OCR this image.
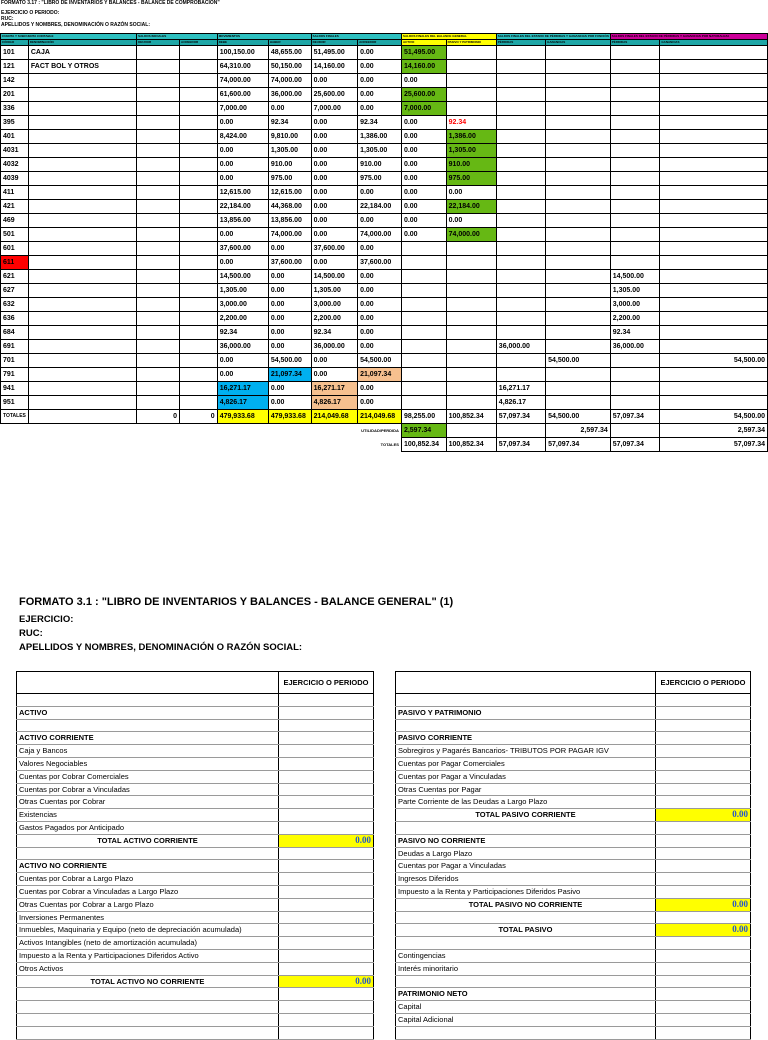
FORMATO 3.17 : "LIBRO DE INVENTARIOS Y BALANCES - BALANCE DE COMPROBACION"
EJERCICIO O PERIODO:
RUC:
APELLIDOS Y NOMBRES, DENOMINACIÓN O RAZÓN SOCIAL:
CUENTA Y SUBCUENTA CONTABLE		SALDOS INICIALES		MOVIMIENTOS		SALDOS FINALES		SALDOS FINALES DEL BALANCE GENERAL		SALDOS FINALES DEL ESTADO DE PÉRDIDAS Y GANANCIAS POR FUNCIÓN		SALDOS FINALES DEL ESTADO DE PÉRDIDAS Y GANANCIAS POR NATURALEZA	
CÓDIGO	DENOMINACIÓN	DEUDOR	ACREEDOR	DEBE	HABER	DEUDOR	ACREEDOR	ACTIVO	PASIVO Y PATRIMONIO	PÉRDIDAS	GANANCIAS	PÉRDIDAS	GANANCIAS
101	CAJA			100,150.00	48,655.00	51,495.00	0.00	51,495.00					
121	FACT BOL Y OTROS			64,310.00	50,150.00	14,160.00	0.00	14,160.00					
142				74,000.00	74,000.00	0.00	0.00	0.00					
201				61,600.00	36,000.00	25,600.00	0.00	25,600.00					
336				7,000.00	0.00	7,000.00	0.00	7,000.00					
395				0.00	92.34	0.00	92.34	0.00	92.34				
401				8,424.00	9,810.00	0.00	1,386.00	0.00	1,386.00				
4031				0.00	1,305.00	0.00	1,305.00	0.00	1,305.00				
4032				0.00	910.00	0.00	910.00	0.00	910.00				
4039				0.00	975.00	0.00	975.00	0.00	975.00				
411				12,615.00	12,615.00	0.00	0.00	0.00	0.00				
421				22,184.00	44,368.00	0.00	22,184.00	0.00	22,184.00				
469				13,856.00	13,856.00	0.00	0.00	0.00	0.00				
501				0.00	74,000.00	0.00	74,000.00	0.00	74,000.00				
601				37,600.00	0.00	37,600.00	0.00						
611				0.00	37,600.00	0.00	37,600.00						
621				14,500.00	0.00	14,500.00	0.00					14,500.00	
627				1,305.00	0.00	1,305.00	0.00					1,305.00	
632				3,000.00	0.00	3,000.00	0.00					3,000.00	
636				2,200.00	0.00	2,200.00	0.00					2,200.00	
684				92.34	0.00	92.34	0.00					92.34	
691				36,000.00	0.00	36,000.00	0.00			36,000.00		36,000.00	
701				0.00	54,500.00	0.00	54,500.00				54,500.00		54,500.00
791				0.00	21,097.34	0.00	21,097.34						
941				16,271.17	0.00	16,271.17	0.00			16,271.17			
951				4,826.17	0.00	4,826.17	0.00			4,826.17			
TOTALES		0	0	479,933.68	479,933.68	214,049.68	214,049.68	98,255.00	100,852.34	57,097.34	54,500.00	57,097.34	54,500.00
							UTILIDAD/PERDIDA	2,597.34			2,597.34		2,597.34
							TOTALES	100,852.34	100,852.34	57,097.34	57,097.34	57,097.34	57,097.34
FORMATO 3.1 : "LIBRO DE INVENTARIOS Y BALANCES - BALANCE GENERAL" (1)
EJERCICIO:
RUC:
APELLIDOS Y NOMBRES, DENOMINACIÓN O RAZÓN SOCIAL:
	EJERCICIO O PERIODO

ACTIVO	

ACTIVO CORRIENTE	
Caja y Bancos	
Valores Negociables	
Cuentas por Cobrar Comerciales	
Cuentas por Cobrar a Vinculadas	
Otras Cuentas por Cobrar	
Existencias	
Gastos Pagados por Anticipado	
TOTAL ACTIVO CORRIENTE	0.00

ACTIVO NO CORRIENTE	
Cuentas por Cobrar a Largo Plazo	
Cuentas por Cobrar a Vinculadas a Largo Plazo	
Otras Cuentas por Cobrar a Largo Plazo	
Inversiones Permanentes	
Inmuebles, Maquinaria y Equipo (neto de depreciación acumulada)	
Activos Intangibles (neto de amortización acumulada)	
Impuesto a la Renta y Participaciones Diferidos Activo	
Otros Activos	
TOTAL ACTIVO NO CORRIENTE	0.00

	EJERCICIO O PERIODO

PASIVO Y PATRIMONIO	

PASIVO CORRIENTE	
Sobregiros y Pagarés Bancarios- TRIBUTOS POR PAGAR IGV	
Cuentas por Pagar Comerciales	
Cuentas por Pagar a Vinculadas	
Otras Cuentas por Pagar	
Parte Corriente de las Deudas a Largo Plazo	
TOTAL PASIVO CORRIENTE	0.00

PASIVO NO CORRIENTE	
Deudas a Largo Plazo	
Cuentas por Pagar a Vinculadas	
Ingresos Diferidos	
Impuesto a la Renta y Participaciones Diferidos Pasivo	
TOTAL PASIVO NO CORRIENTE	0.00

TOTAL PASIVO	0.00

Contingencias	
Interés minoritario	

PATRIMONIO NETO	
Capital	
Capital Adicional	
